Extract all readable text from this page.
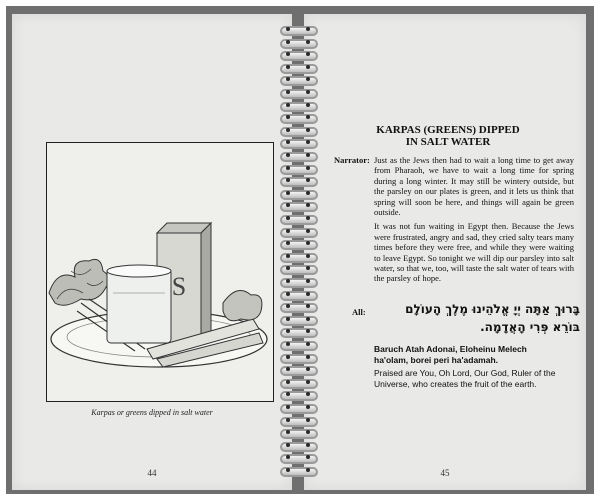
S
Karpas or greens dipped in salt water
44
KARPAS (GREENS) DIPPED
IN SALT WATER
Narrator: Just as the Jews then had to wait a long time to get away from Pharaoh, we have to wait a long time for spring during a long winter. It may still be wintery outside, but the parsley on our plates is green, and it lets us think that spring will soon be here, and things will again be green outside.

It was not fun waiting in Egypt then. Because the Jews were frustrated, angry and sad, they cried salty tears many times before they were free, and while they were waiting to leave Egypt. So tonight we will dip our parsley into salt water, so that we, too, will taste the salt water of tears with the parsley of hope.

All:	בָּרוּךְ אַתָּה יְיָ אֱלֹהֵינוּ מֶלֶךְ הָעוֹלָם
בּוֹרֵא פְּרִי הָאֲדָמָה.
Baruch Atah Adonai, Eloheinu Melech
ha'olam, borei peri ha'adamah.
Praised are You, Oh Lord, Our God, Ruler of the Universe, who creates the fruit of the earth.
45
